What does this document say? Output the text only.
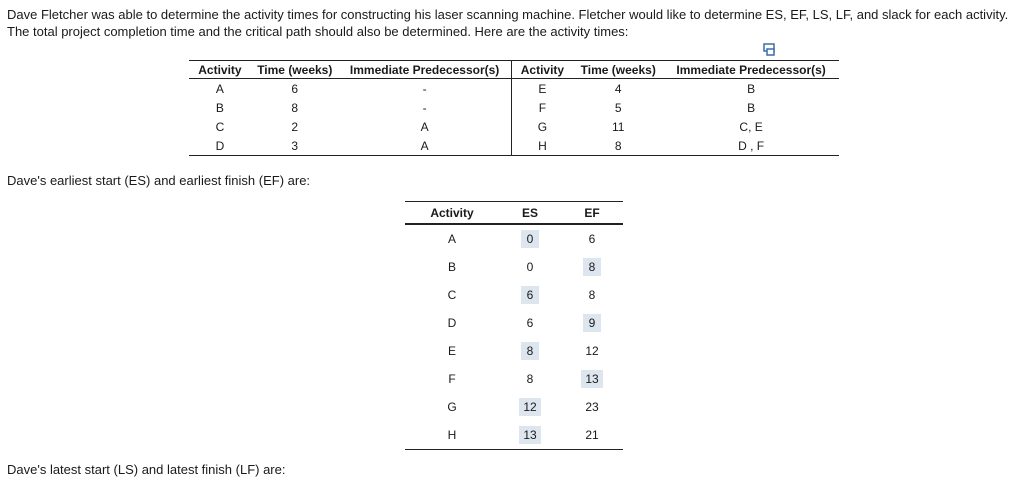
Dave Fletcher was able to determine the activity times for constructing his laser scanning machine. Fletcher would like to determine ES, EF, LS, LF, and slack for each activity. The total project completion time and the critical path should also be determined. Here are the activity times:
Activity	Time (weeks)	Immediate Predecessor(s)	Activity	Time (weeks)	Immediate Predecessor(s)
A	6	-	E	4	B
B	8	-	F	5	B
C	2	A	G	11	C, E
D	3	A	H	8	D , F
Dave's earliest start (ES) and earliest finish (EF) are:
Activity	ES	EF
A	0	6
B	0	8
C	6	8
D	6	9
E	8	12
F	8	13
G	12	23
H	13	21
Dave's latest start (LS) and latest finish (LF) are:
